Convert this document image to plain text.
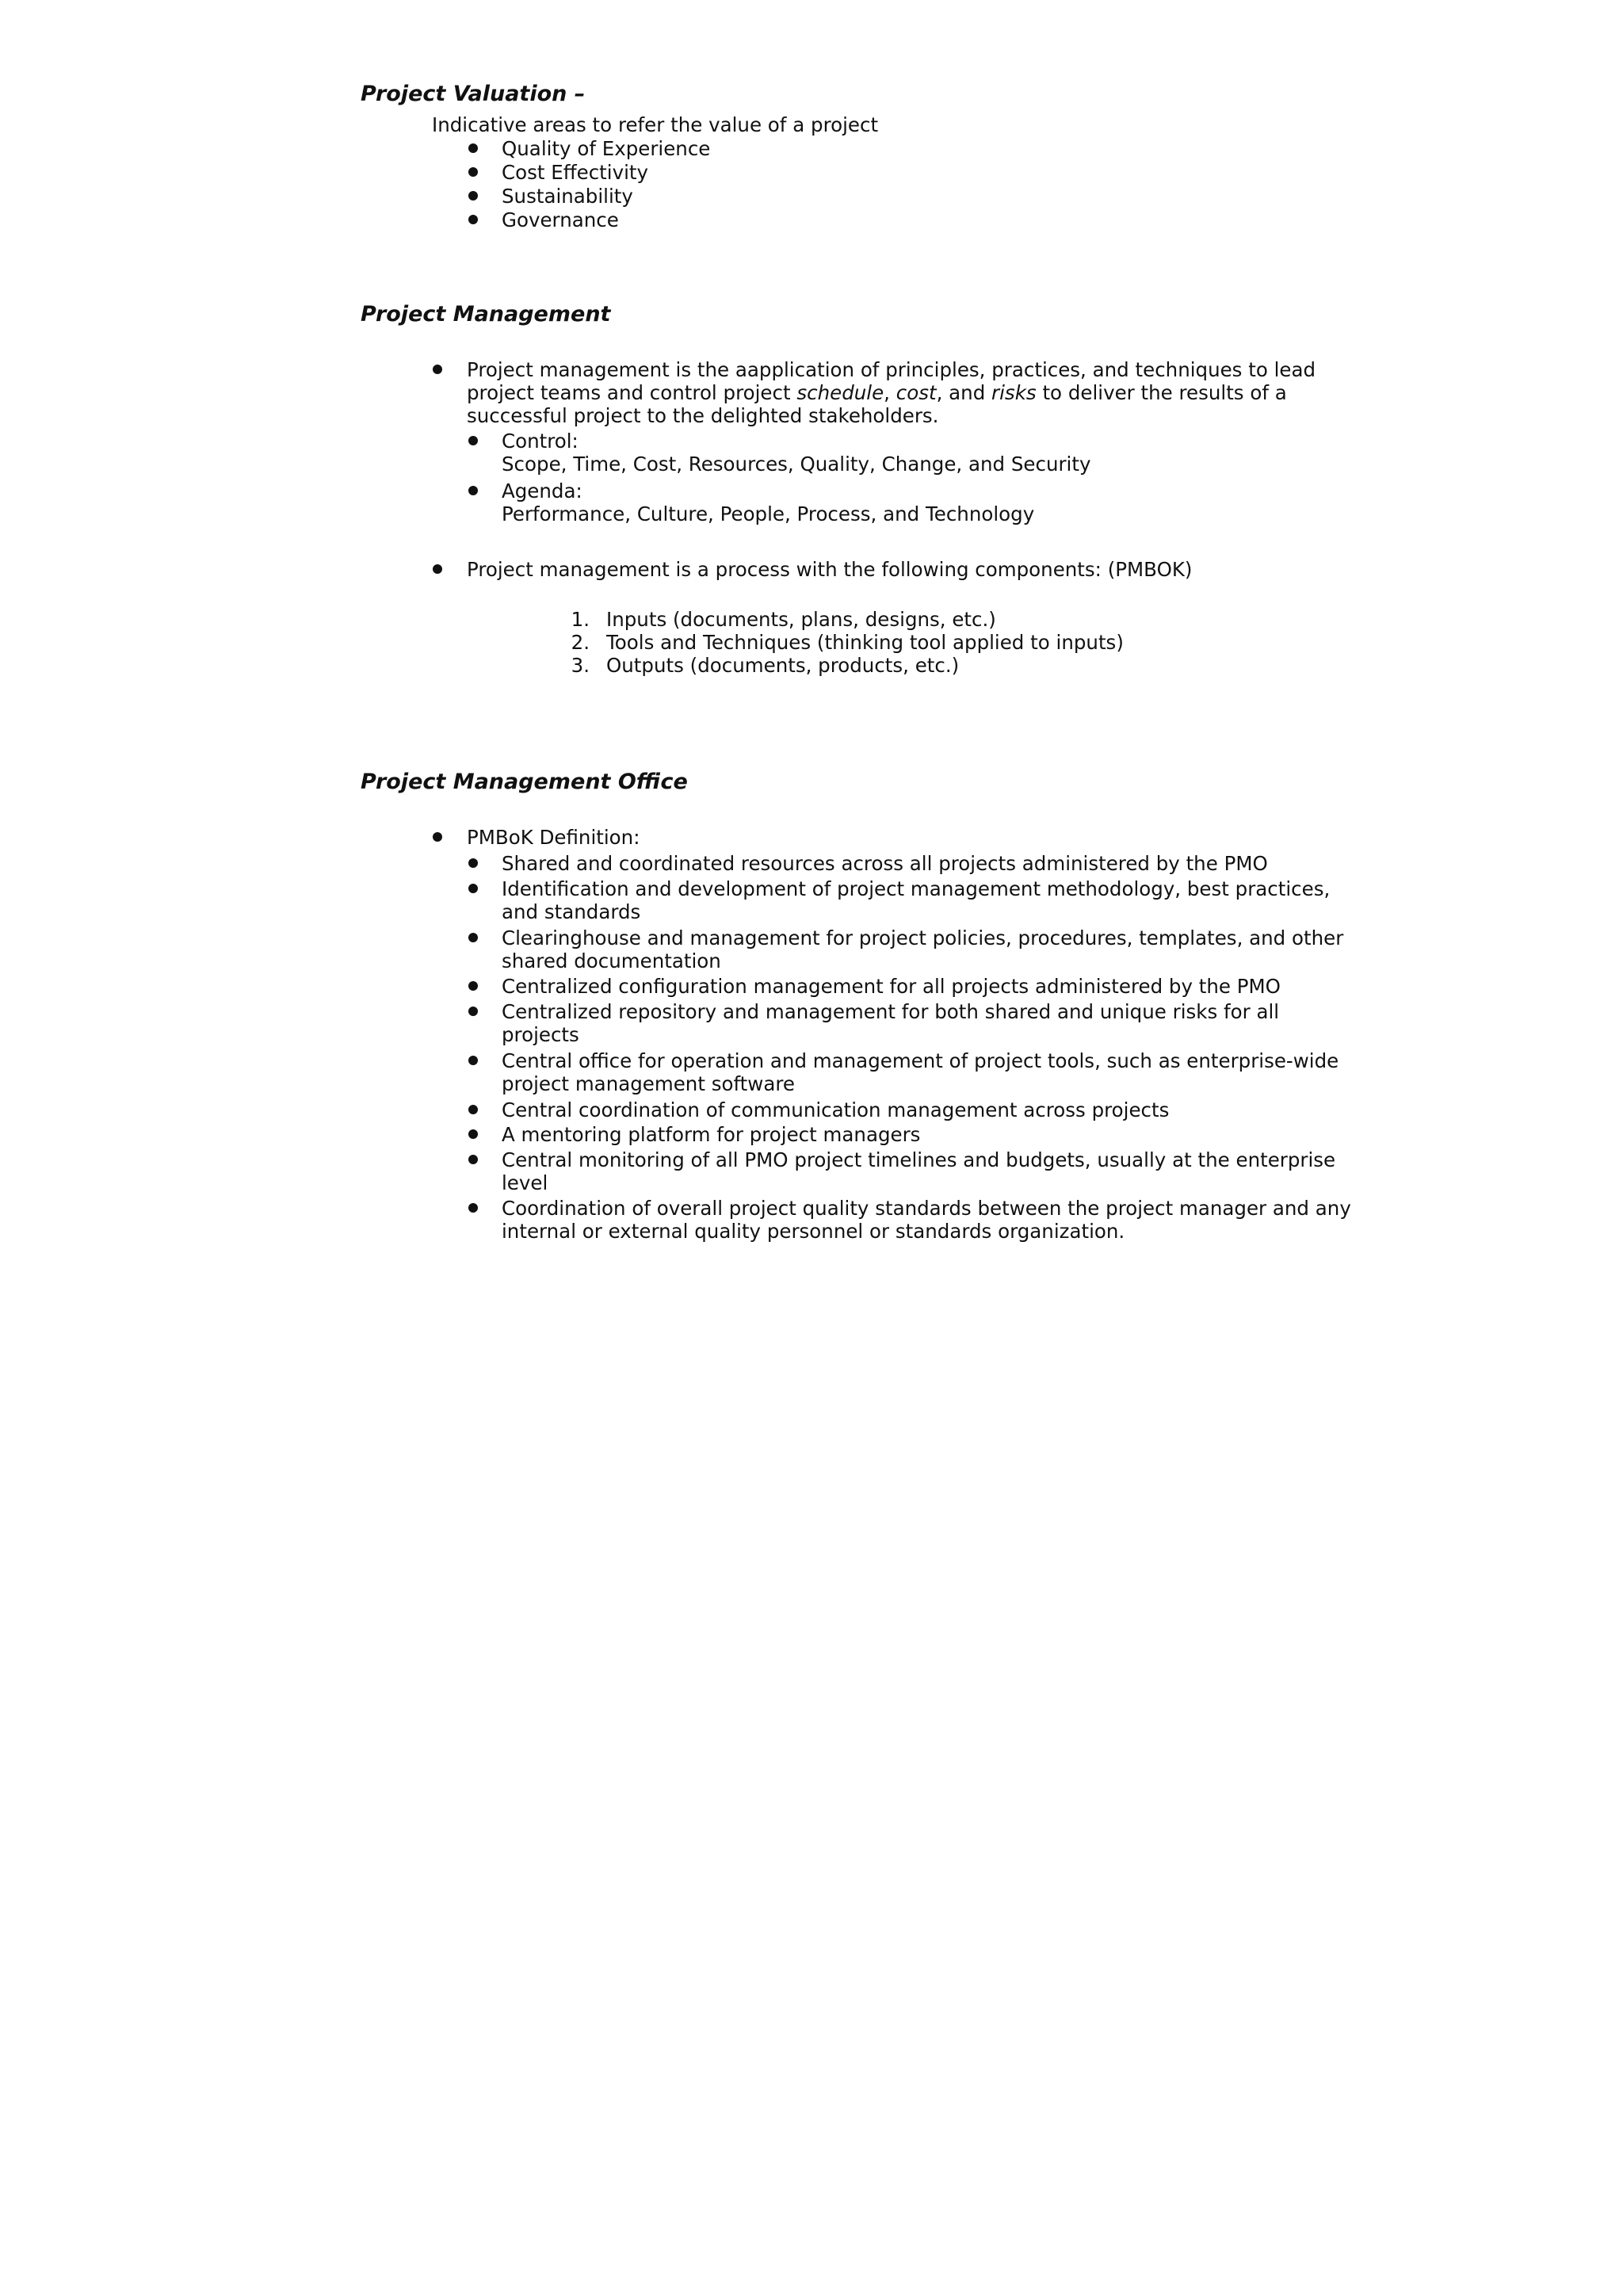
Project Valuation –

Indicative areas to refer the value of a project

Quality of Experience

Cost Effectivity

Sustainability

Governance

Project Management
Project management is the aapplication of principles, practices, and techniques to lead
project teams and control project schedule, cost, and risks to deliver the results of a
successful project to the delighted stakeholders.
Control:
Scope, Time, Cost, Resources, Quality, Change, and Security
Agenda:
Performance, Culture, People, Process, and Technology

Project management is a process with the following components: (PMBOK)

1. Inputs (documents, plans, designs, etc.)

2. Tools and Techniques (thinking tool applied to inputs)

3. Outputs (documents, products, etc.)

Project Management Office

PMBoK Definition:

Shared and coordinated resources across all projects administered by the PMO
Identification and development of project management methodology, best practices,
and standards
Clearinghouse and management for project policies, procedures, templates, and other
shared documentation
Centralized configuration management for all projects administered by the PMO
Centralized repository and management for both shared and unique risks for all
projects
Central office for operation and management of project tools, such as enterprise-wide
project management software
Central coordination of communication management across projects
A mentoring platform for project managers
Central monitoring of all PMO project timelines and budgets, usually at the enterprise
level
Coordination of overall project quality standards between the project manager and any
internal or external quality personnel or standards organization.
